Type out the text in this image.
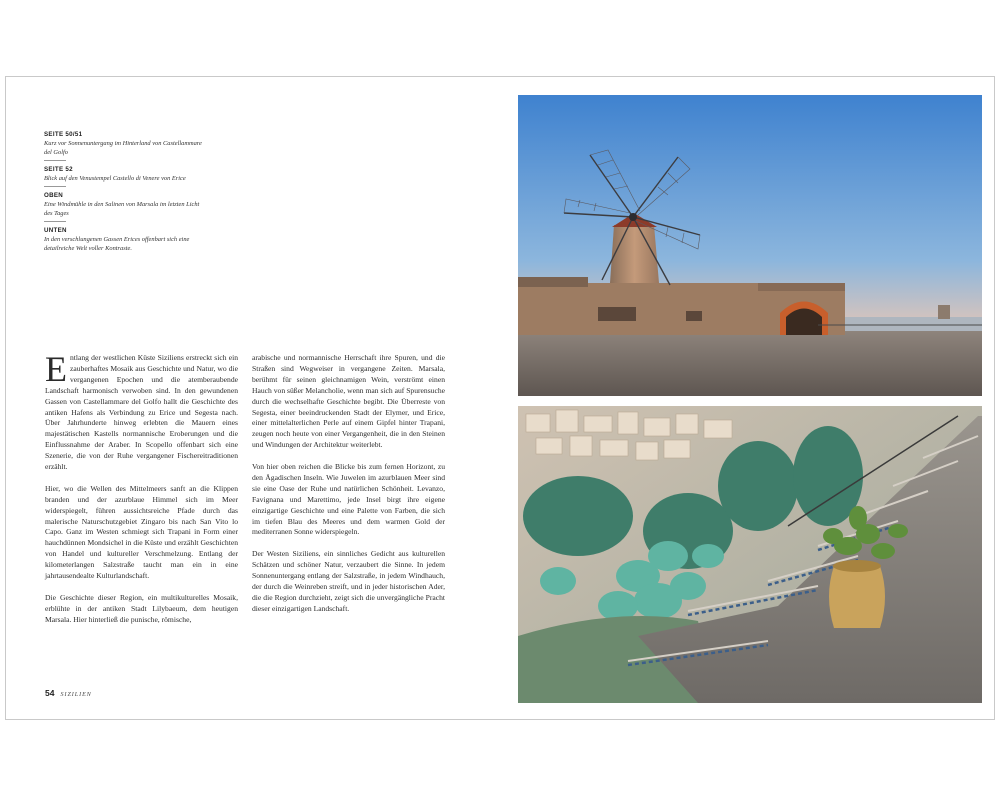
SEITE 50/51
Kurz vor Sonnenuntergang im Hinterland von Castellammare del Golfo
SEITE 52
Blick auf den Venustempel Castello di Venere von Erice
OBEN
Eine Windmühle in den Salinen von Marsala im letzten Licht des Tages
UNTEN
In den verschlungenen Gassen Erices offenbart sich eine detailreiche Welt voller Kontraste.

Entlang der westlichen Küste Siziliens erstreckt sich ein zauberhaftes Mosaik aus Geschichte und Natur, wo die vergangenen Epochen und die atemberaubende Landschaft harmonisch verwoben sind. In den gewundenen Gassen von Castellammare del Golfo hallt die Geschichte des antiken Hafens als Verbindung zu Erice und Segesta nach. Über Jahrhunderte hinweg erlebten die Mauern eines majestätischen Kastells normannische Eroberungen und die Einflussnahme der Araber. In Scopello offenbart sich eine Szenerie, die von der Ruhe vergangener Fischereitraditionen erzählt.

Hier, wo die Wellen des Mittelmeers sanft an die Klippen branden und der azurblaue Himmel sich im Meer widerspiegelt, führen aussichtsreiche Pfade durch das malerische Naturschutzgebiet Zingaro bis nach San Vito lo Capo. Ganz im Westen schmiegt sich Trapani in Form einer hauchdünnen Mondsichel in die Küste und erzählt Geschichten von Handel und kultureller Verschmelzung. Entlang der kilometerlangen Salzstraße taucht man ein in eine jahrtausendealte Kulturlandschaft.

Die Geschichte dieser Region, ein multikulturelles Mosaik, erblühte in der antiken Stadt Lilybaeum, dem heutigen Marsala. Hier hinterließ die punische, römische,

arabische und normannische Herrschaft ihre Spuren, und die Straßen sind Wegweiser in vergangene Zeiten. Marsala, berühmt für seinen gleichnamigen Wein, verströmt einen Hauch von süßer Melancholie, wenn man sich auf Spurensuche durch die wechselhafte Geschichte begibt. Die Überreste von Segesta, einer beeindruckenden Stadt der Elymer, und Erice, einer mittelalterlichen Perle auf einem Gipfel hinter Trapani, zeugen noch heute von einer Vergangenheit, die in den Steinen und Windungen der Architektur weiterlebt.

Von hier oben reichen die Blicke bis zum fernen Horizont, zu den Ägadischen Inseln. Wie Juwelen im azurblauen Meer sind sie eine Oase der Ruhe und natürlichen Schönheit. Levanzo, Favignana und Marettimo, jede Insel birgt ihre eigene einzigartige Geschichte und eine Palette von Farben, die sich im tiefen Blau des Meeres und dem warmen Gold der mediterranen Sonne widerspiegeln.

Der Westen Siziliens, ein sinnliches Gedicht aus kulturellen Schätzen und schöner Natur, verzaubert die Sinne. In jedem Sonnenuntergang entlang der Salzstraße, in jedem Windhauch, der durch die Weinreben streift, und in jeder historischen Ader, die die Region durchzieht, zeigt sich die unvergängliche Pracht dieser einzigartigen Landschaft.

54 SIZILIEN
